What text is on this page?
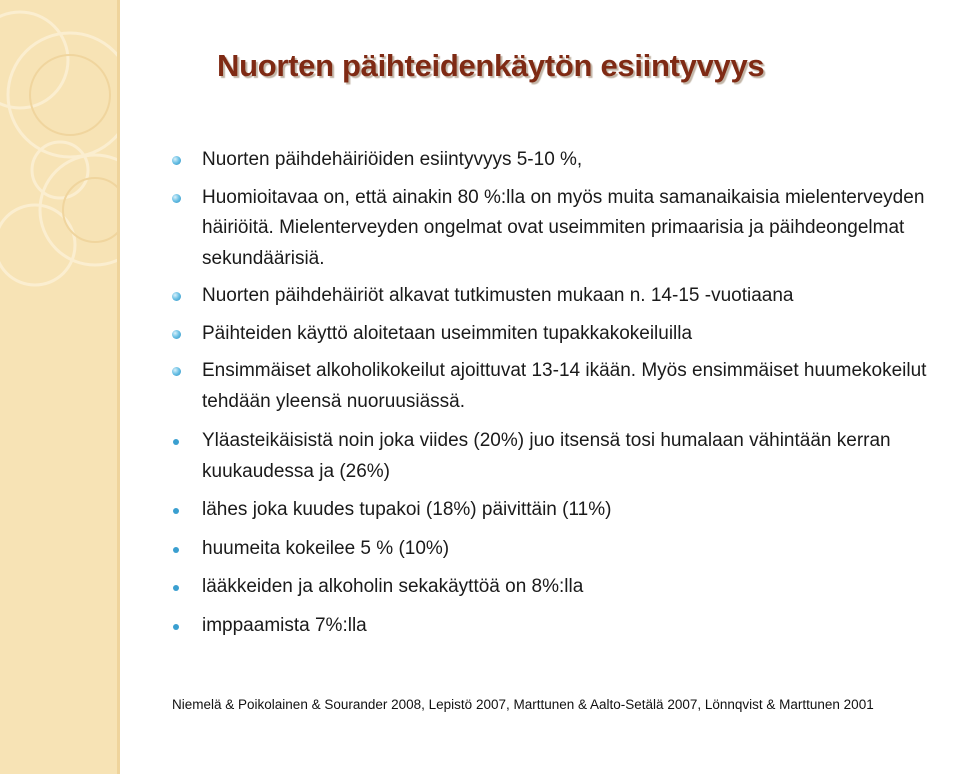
Nuorten päihteidenkäytön esiintyvyys
Nuorten päihdehäiriöiden esiintyvyys 5-10 %,
Huomioitavaa on, että ainakin 80 %:lla on myös muita samanaikaisia mielenterveyden häiriöitä. Mielenterveyden ongelmat ovat useimmiten primaarisia ja päihdeongelmat sekundäärisiä.
Nuorten päihdehäiriöt alkavat tutkimusten mukaan n. 14-15 -vuotiaana
Päihteiden käyttö aloitetaan useimmiten tupakkakokeiluilla
Ensimmäiset alkoholikokeilut ajoittuvat 13-14 ikään. Myös ensimmäiset huumekokeilut tehdään yleensä nuoruusiässä.
Yläasteikäisistä noin joka viides (20%) juo itsensä tosi humalaan vähintään kerran kuukaudessa ja (26%)
lähes joka kuudes tupakoi (18%) päivittäin (11%)
huumeita kokeilee 5 % (10%)
lääkkeiden ja alkoholin sekakäyttöä on 8%:lla
imppaamista 7%:lla
Niemelä & Poikolainen & Sourander 2008, Lepistö 2007, Marttunen & Aalto-Setälä 2007, Lönnqvist & Marttunen 2001
